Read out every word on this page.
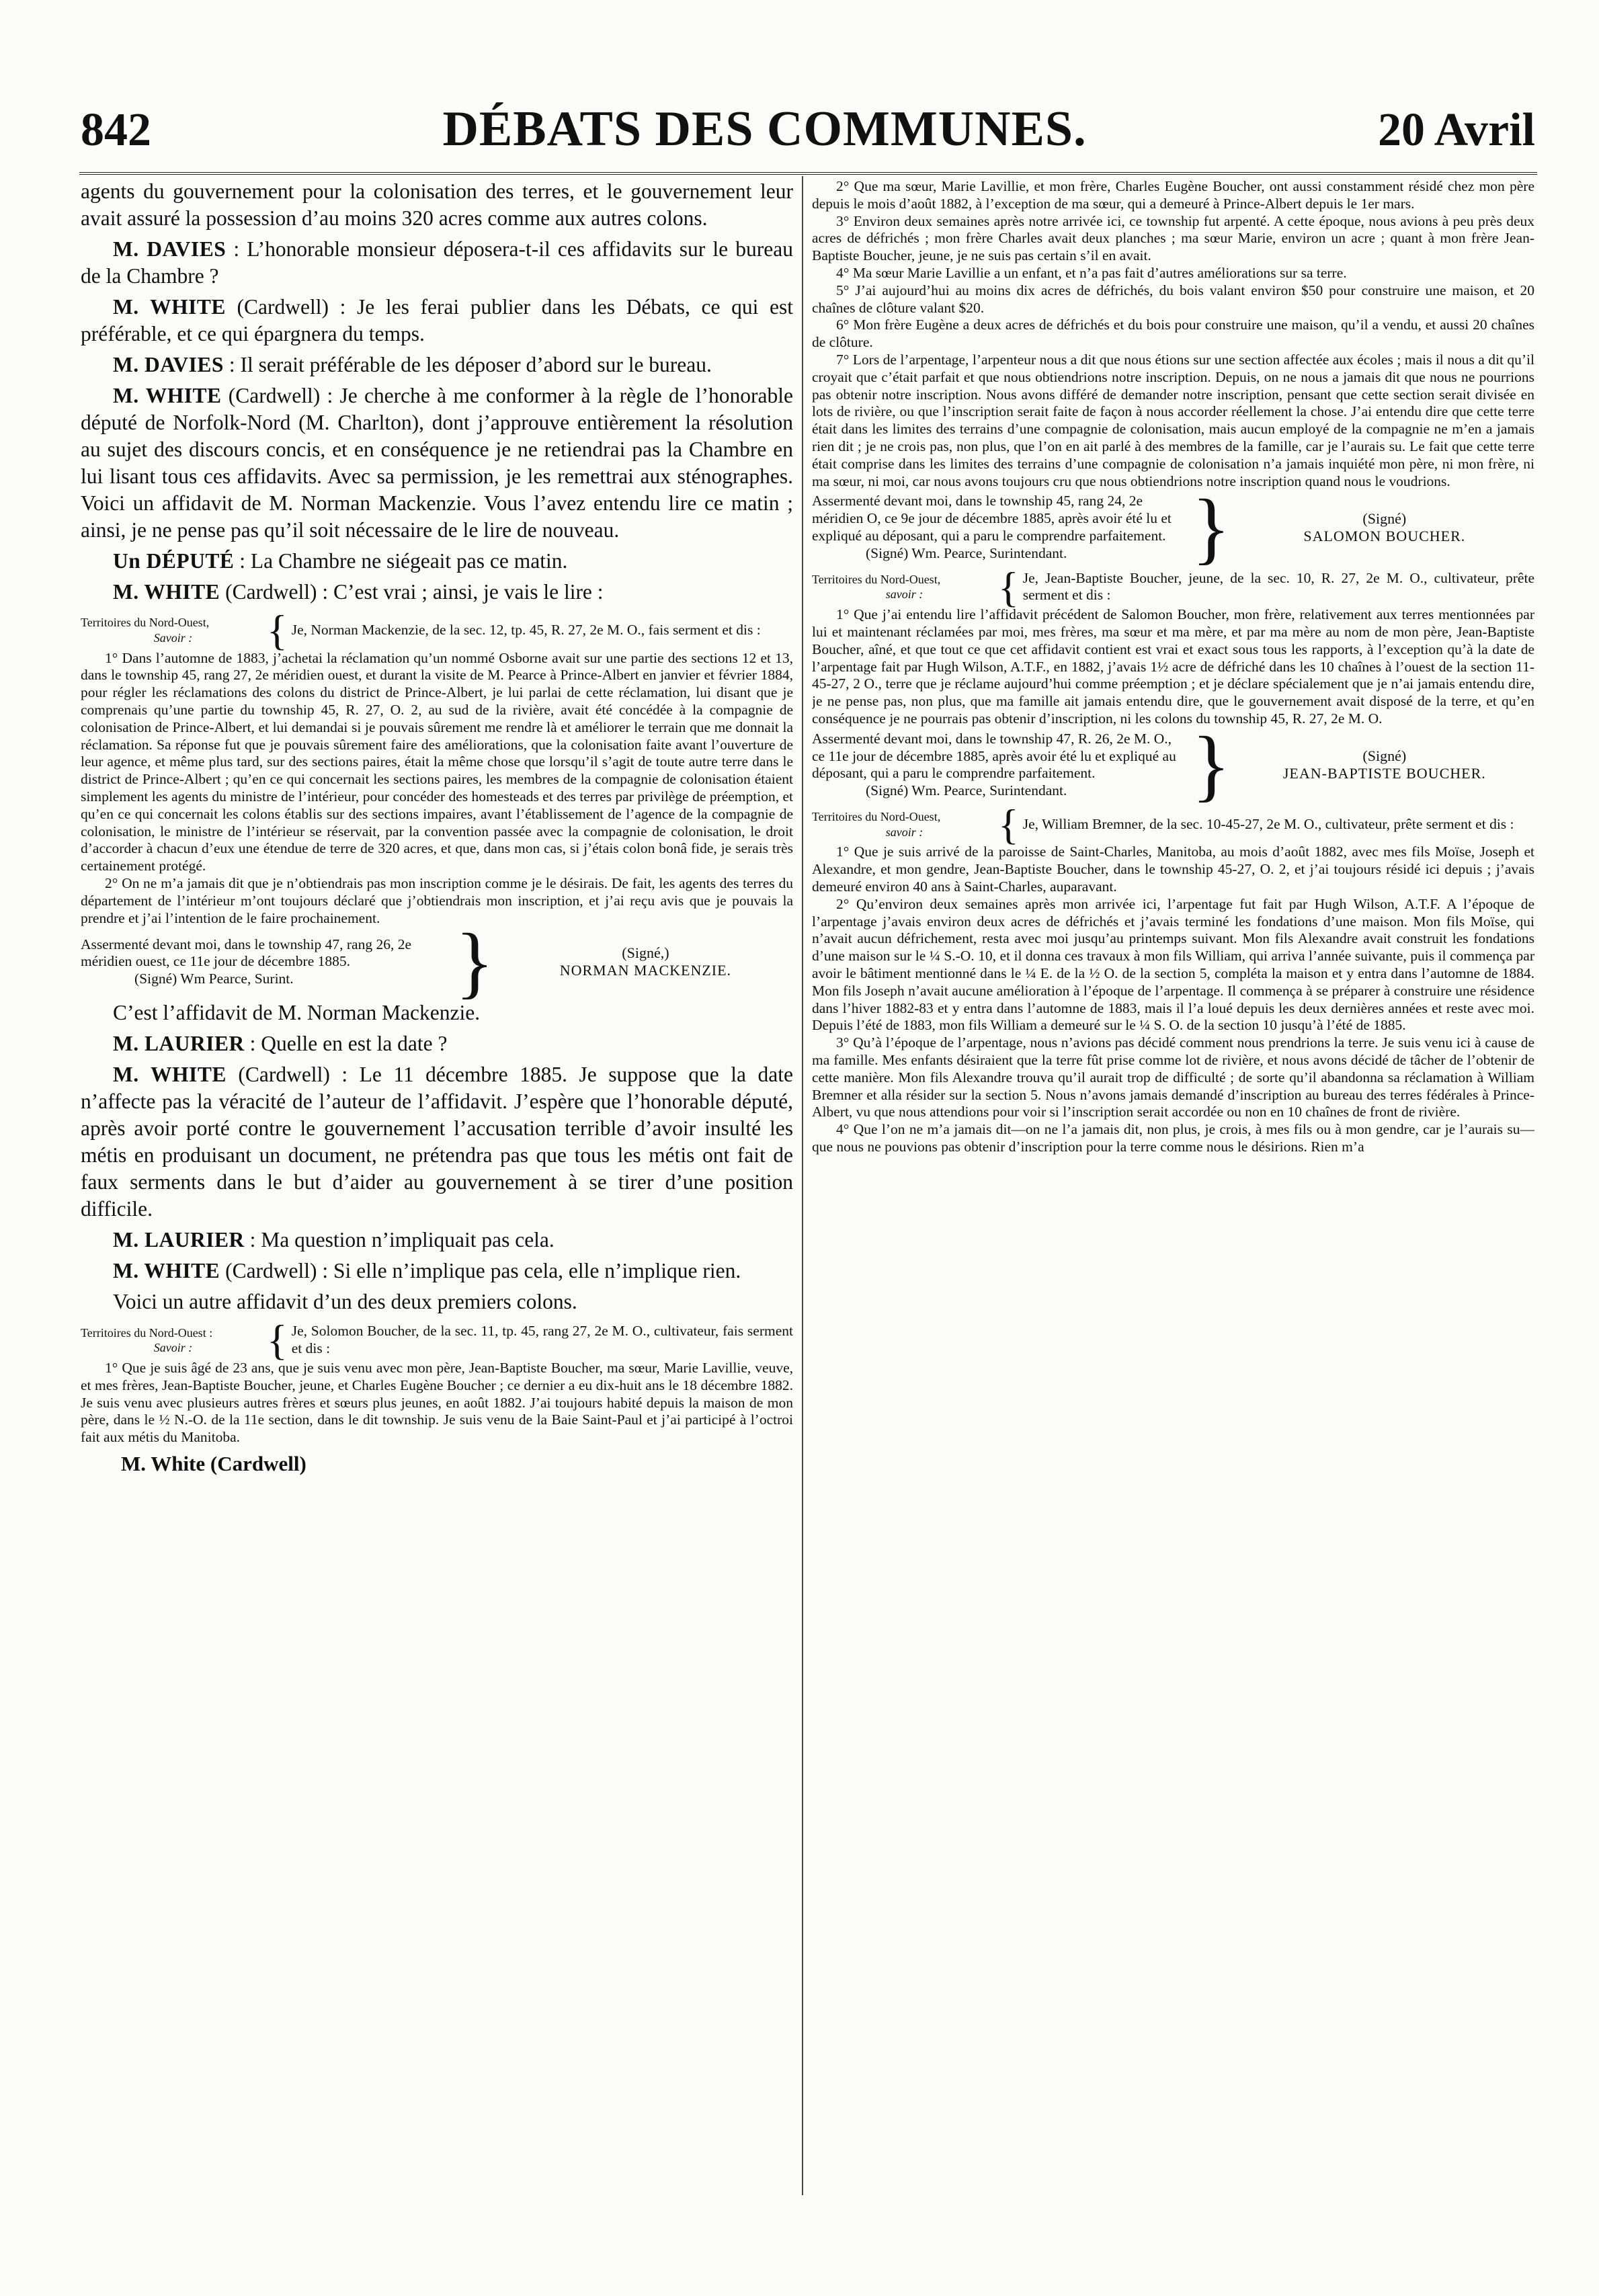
842	DÉBATS DES COMMUNES.	20 Avril

agents du gouvernement pour la colonisation des terres, et le gouvernement leur avait assuré la possession d’au moins 320 acres comme aux autres colons.

M. DAVIES : L’honorable monsieur déposera-t-il ces affidavits sur le bureau de la Chambre ?

M. WHITE (Cardwell) : Je les ferai publier dans les Débats, ce qui est préférable, et ce qui épargnera du temps.

M. DAVIES : Il serait préférable de les déposer d’abord sur le bureau.

M. WHITE (Cardwell) : Je cherche à me conformer à la règle de l’honorable député de Norfolk-Nord (M. Charlton), dont j’approuve entièrement la résolution au sujet des discours concis, et en conséquence je ne retiendrai pas la Chambre en lui lisant tous ces affidavits. Avec sa permission, je les remettrai aux sténographes. Voici un affidavit de M. Norman Mackenzie. Vous l’avez entendu lire ce matin ; ainsi, je ne pense pas qu’il soit nécessaire de le lire de nouveau.

Un DÉPUTÉ : La Chambre ne siégeait pas ce matin.

M. WHITE (Cardwell) : C’est vrai ; ainsi, je vais le lire :

Territoires du Nord-Ouest,
Savoir :	{ Je, Norman Mackenzie, de la sec. 12, tp. 45, R. 27, 2e M. O., fais serment et dis :

1° Dans l’automne de 1883, j’achetai la réclamation qu’un nommé Osborne avait sur une partie des sections 12 et 13, dans le township 45, rang 27, 2e méridien ouest, et durant la visite de M. Pearce à Prince-Albert en janvier et février 1884, pour régler les réclamations des colons du district de Prince-Albert, je lui parlai de cette réclamation, lui disant que je comprenais qu’une partie du township 45, R. 27, O. 2, au sud de la rivière, avait été concédée à la compagnie de colonisation de Prince-Albert, et lui demandai si je pouvais sûrement me rendre là et améliorer le terrain que me donnait la réclamation. Sa réponse fut que je pouvais sûrement faire des améliorations, que la colonisation faite avant l’ouverture de leur agence, et même plus tard, sur des sections paires, était la même chose que lorsqu’il s’agit de toute autre terre dans le district de Prince-Albert ; qu’en ce qui concernait les sections paires, les membres de la compagnie de colonisation étaient simplement les agents du ministre de l’intérieur, pour concéder des homesteads et des terres par privilège de préemption, et qu’en ce qui concernait les colons établis sur des sections impaires, avant l’établissement de l’agence de la compagnie de colonisation, le ministre de l’intérieur se réservait, par la convention passée avec la compagnie de colonisation, le droit d’accorder à chacun d’eux une étendue de terre de 320 acres, et que, dans mon cas, si j’étais colon bonâ fide, je serais très certainement protégé.

2° On ne m’a jamais dit que je n’obtiendrais pas mon inscription comme je le désirais. De fait, les agents des terres du département de l’intérieur m’ont toujours déclaré que j’obtiendrais mon inscription, et j’ai reçu avis que je pouvais la prendre et j’ai l’intention de le faire prochainement.

Assermenté devant moi, dans le township 47, rang 26, 2e méridien ouest, ce 11e jour de décembre 1885.
(Signé) Wm Pearce, Surint.	}	(Signé,)
NORMAN MACKENZIE.

C’est l’affidavit de M. Norman Mackenzie.

M. LAURIER : Quelle en est la date ?

M. WHITE (Cardwell) : Le 11 décembre 1885. Je suppose que la date n’affecte pas la véracité de l’auteur de l’affidavit. J’espère que l’honorable député, après avoir porté contre le gouvernement l’accusation terrible d’avoir insulté les métis en produisant un document, ne prétendra pas que tous les métis ont fait de faux serments dans le but d’aider au gouvernement à se tirer d’une position difficile.

M. LAURIER : Ma question n’impliquait pas cela.

M. WHITE (Cardwell) : Si elle n’implique pas cela, elle n’implique rien.

Voici un autre affidavit d’un des deux premiers colons.

Territoires du Nord-Ouest :
Savoir :	{ Je, Solomon Boucher, de la sec. 11, tp. 45, rang 27, 2e M. O., cultivateur, fais serment et dis :

1° Que je suis âgé de 23 ans, que je suis venu avec mon père, Jean-Baptiste Boucher, ma sœur, Marie Lavillie, veuve, et mes frères, Jean-Baptiste Boucher, jeune, et Charles Eugène Boucher ; ce dernier a eu dix-huit ans le 18 décembre 1882. Je suis venu avec plusieurs autres frères et sœurs plus jeunes, en août 1882. J’ai toujours habité depuis la maison de mon père, dans le ½ N.-O. de la 11e section, dans le dit township. Je suis venu de la Baie Saint-Paul et j’ai participé à l’octroi fait aux métis du Manitoba.

M. White (Cardwell)

2° Que ma sœur, Marie Lavillie, et mon frère, Charles Eugène Boucher, ont aussi constamment résidé chez mon père depuis le mois d’août 1882, à l’exception de ma sœur, qui a demeuré à Prince-Albert depuis le 1er mars.

3° Environ deux semaines après notre arrivée ici, ce township fut arpenté. A cette époque, nous avions à peu près deux acres de défrichés ; mon frère Charles avait deux planches ; ma sœur Marie, environ un acre ; quant à mon frère Jean-Baptiste Boucher, jeune, je ne suis pas certain s’il en avait.

4° Ma sœur Marie Lavillie a un enfant, et n’a pas fait d’autres améliorations sur sa terre.

5° J’ai aujourd’hui au moins dix acres de défrichés, du bois valant environ $50 pour construire une maison, et 20 chaînes de clôture valant $20.

6° Mon frère Eugène a deux acres de défrichés et du bois pour construire une maison, qu’il a vendu, et aussi 20 chaînes de clôture.

7° Lors de l’arpentage, l’arpenteur nous a dit que nous étions sur une section affectée aux écoles ; mais il nous a dit qu’il croyait que c’était parfait et que nous obtiendrions notre inscription. Depuis, on ne nous a jamais dit que nous ne pourrions pas obtenir notre inscription. Nous avons différé de demander notre inscription, pensant que cette section serait divisée en lots de rivière, ou que l’inscription serait faite de façon à nous accorder réellement la chose. J’ai entendu dire que cette terre était dans les limites des terrains d’une compagnie de colonisation, mais aucun employé de la compagnie ne m’en a jamais rien dit ; je ne crois pas, non plus, que l’on en ait parlé à des membres de la famille, car je l’aurais su. Le fait que cette terre était comprise dans les limites des terrains d’une compagnie de colonisation n’a jamais inquiété mon père, ni mon frère, ni ma sœur, ni moi, car nous avons toujours cru que nous obtiendrions notre inscription quand nous le voudrions.

Assermenté devant moi, dans le township 45, rang 24, 2e méridien O, ce 9e jour de décembre 1885, après avoir été lu et expliqué au déposant, qui a paru le comprendre parfaitement.
(Signé) Wm. Pearce, Surintendant.	}	(Signé)
SALOMON BOUCHER.
Territoires du Nord-Ouest,
savoir :	{ Je, Jean-Baptiste Boucher, jeune, de la sec. 10, R. 27, 2e M. O., cultivateur, prête serment et dis :

1° Que j’ai entendu lire l’affidavit précédent de Salomon Boucher, mon frère, relativement aux terres mentionnées par lui et maintenant réclamées par moi, mes frères, ma sœur et ma mère, et par ma mère au nom de mon père, Jean-Baptiste Boucher, aîné, et que tout ce que cet affidavit contient est vrai et exact sous tous les rapports, à l’exception qu’à la date de l’arpentage fait par Hugh Wilson, A.T.F., en 1882, j’avais 1½ acre de défriché dans les 10 chaînes à l’ouest de la section 11-45-27, 2 O., terre que je réclame aujourd’hui comme préemption ; et je déclare spécialement que je n’ai jamais entendu dire, je ne pense pas, non plus, que ma famille ait jamais entendu dire, que le gouvernement avait disposé de la terre, et qu’en conséquence je ne pourrais pas obtenir d’inscription, ni les colons du township 45, R. 27, 2e M. O.

Assermenté devant moi, dans le township 47, R. 26, 2e M. O., ce 11e jour de décembre 1885, après avoir été lu et expliqué au déposant, qui a paru le comprendre parfaitement.
(Signé) Wm. Pearce, Surintendant.	}	(Signé)
JEAN-BAPTISTE BOUCHER.
Territoires du Nord-Ouest,
savoir :	{ Je, William Bremner, de la sec. 10-45-27, 2e M. O., cultivateur, prête serment et dis :

1° Que je suis arrivé de la paroisse de Saint-Charles, Manitoba, au mois d’août 1882, avec mes fils Moïse, Joseph et Alexandre, et mon gendre, Jean-Baptiste Boucher, dans le township 45-27, O. 2, et j’ai toujours résidé ici depuis ; j’avais demeuré environ 40 ans à Saint-Charles, auparavant.

2° Qu’environ deux semaines après mon arrivée ici, l’arpentage fut fait par Hugh Wilson, A.T.F. A l’époque de l’arpentage j’avais environ deux acres de défrichés et j’avais terminé les fondations d’une maison. Mon fils Moïse, qui n’avait aucun défrichement, resta avec moi jusqu’au printemps suivant. Mon fils Alexandre avait construit les fondations d’une maison sur le ¼ S.-O. 10, et il donna ces travaux à mon fils William, qui arriva l’année suivante, puis il commença par avoir le bâtiment mentionné dans le ¼ E. de la ½ O. de la section 5, compléta la maison et y entra dans l’automne de 1884. Mon fils Joseph n’avait aucune amélioration à l’époque de l’arpentage. Il commença à se préparer à construire une résidence dans l’hiver 1882-83 et y entra dans l’automne de 1883, mais il l’a loué depuis les deux dernières années et reste avec moi. Depuis l’été de 1883, mon fils William a demeuré sur le ¼ S. O. de la section 10 jusqu’à l’été de 1885.

3° Qu’à l’époque de l’arpentage, nous n’avions pas décidé comment nous prendrions la terre. Je suis venu ici à cause de ma famille. Mes enfants désiraient que la terre fût prise comme lot de rivière, et nous avons décidé de tâcher de l’obtenir de cette manière. Mon fils Alexandre trouva qu’il aurait trop de difficulté ; de sorte qu’il abandonna sa réclamation à William Bremner et alla résider sur la section 5. Nous n’avons jamais demandé d’inscription au bureau des terres fédérales à Prince-Albert, vu que nous attendions pour voir si l’inscription serait accordée ou non en 10 chaînes de front de rivière.

4° Que l’on ne m’a jamais dit—on ne l’a jamais dit, non plus, je crois, à mes fils ou à mon gendre, car je l’aurais su—que nous ne pouvions pas obtenir d’inscription pour la terre comme nous le désirions. Rien m’a
